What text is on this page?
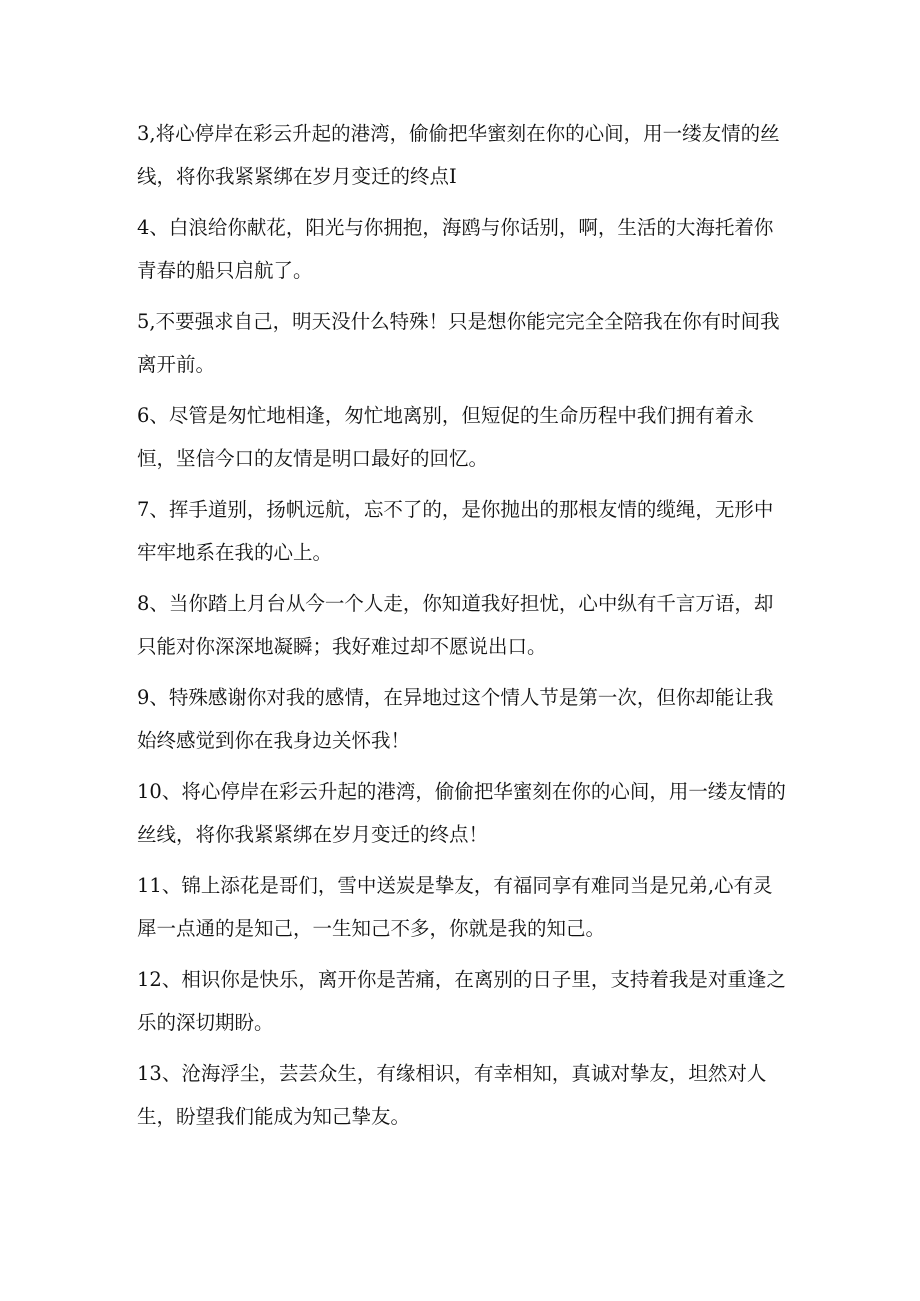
3,将心停岸在彩云升起的港湾，偷偷把华蜜刻在你的心间，用一缕友情的丝线，将你我紧紧绑在岁月变迁的终点I

4、白浪给你献花，阳光与你拥抱，海鸥与你话别，啊，生活的大海托着你青春的船只启航了。

5,不要强求自己，明天没什么特殊！只是想你能完完全全陪我在你有时间我离开前。

6、尽管是匆忙地相逢，匆忙地离别，但短促的生命历程中我们拥有着永恒，坚信今口的友情是明口最好的回忆。

7、挥手道别，扬帆远航，忘不了的，是你抛出的那根友情的缆绳，无形中牢牢地系在我的心上。

8、当你踏上月台从今一个人走，你知道我好担忧，心中纵有千言万语，却只能对你深深地凝瞬；我好难过却不愿说出口。

9、特殊感谢你对我的感情，在异地过这个情人节是第一次，但你却能让我始终感觉到你在我身边关怀我！

10、将心停岸在彩云升起的港湾，偷偷把华蜜刻在你的心间，用一缕友情的丝线，将你我紧紧绑在岁月变迁的终点！

11、锦上添花是哥们，雪中送炭是挚友，有福同享有难同当是兄弟,心有灵犀一点通的是知己，一生知己不多，你就是我的知己。

12、相识你是快乐，离开你是苦痛，在离别的日子里，支持着我是对重逢之乐的深切期盼。

13、沧海浮尘，芸芸众生，有缘相识，有幸相知，真诚对挚友，坦然对人生，盼望我们能成为知己挚友。
